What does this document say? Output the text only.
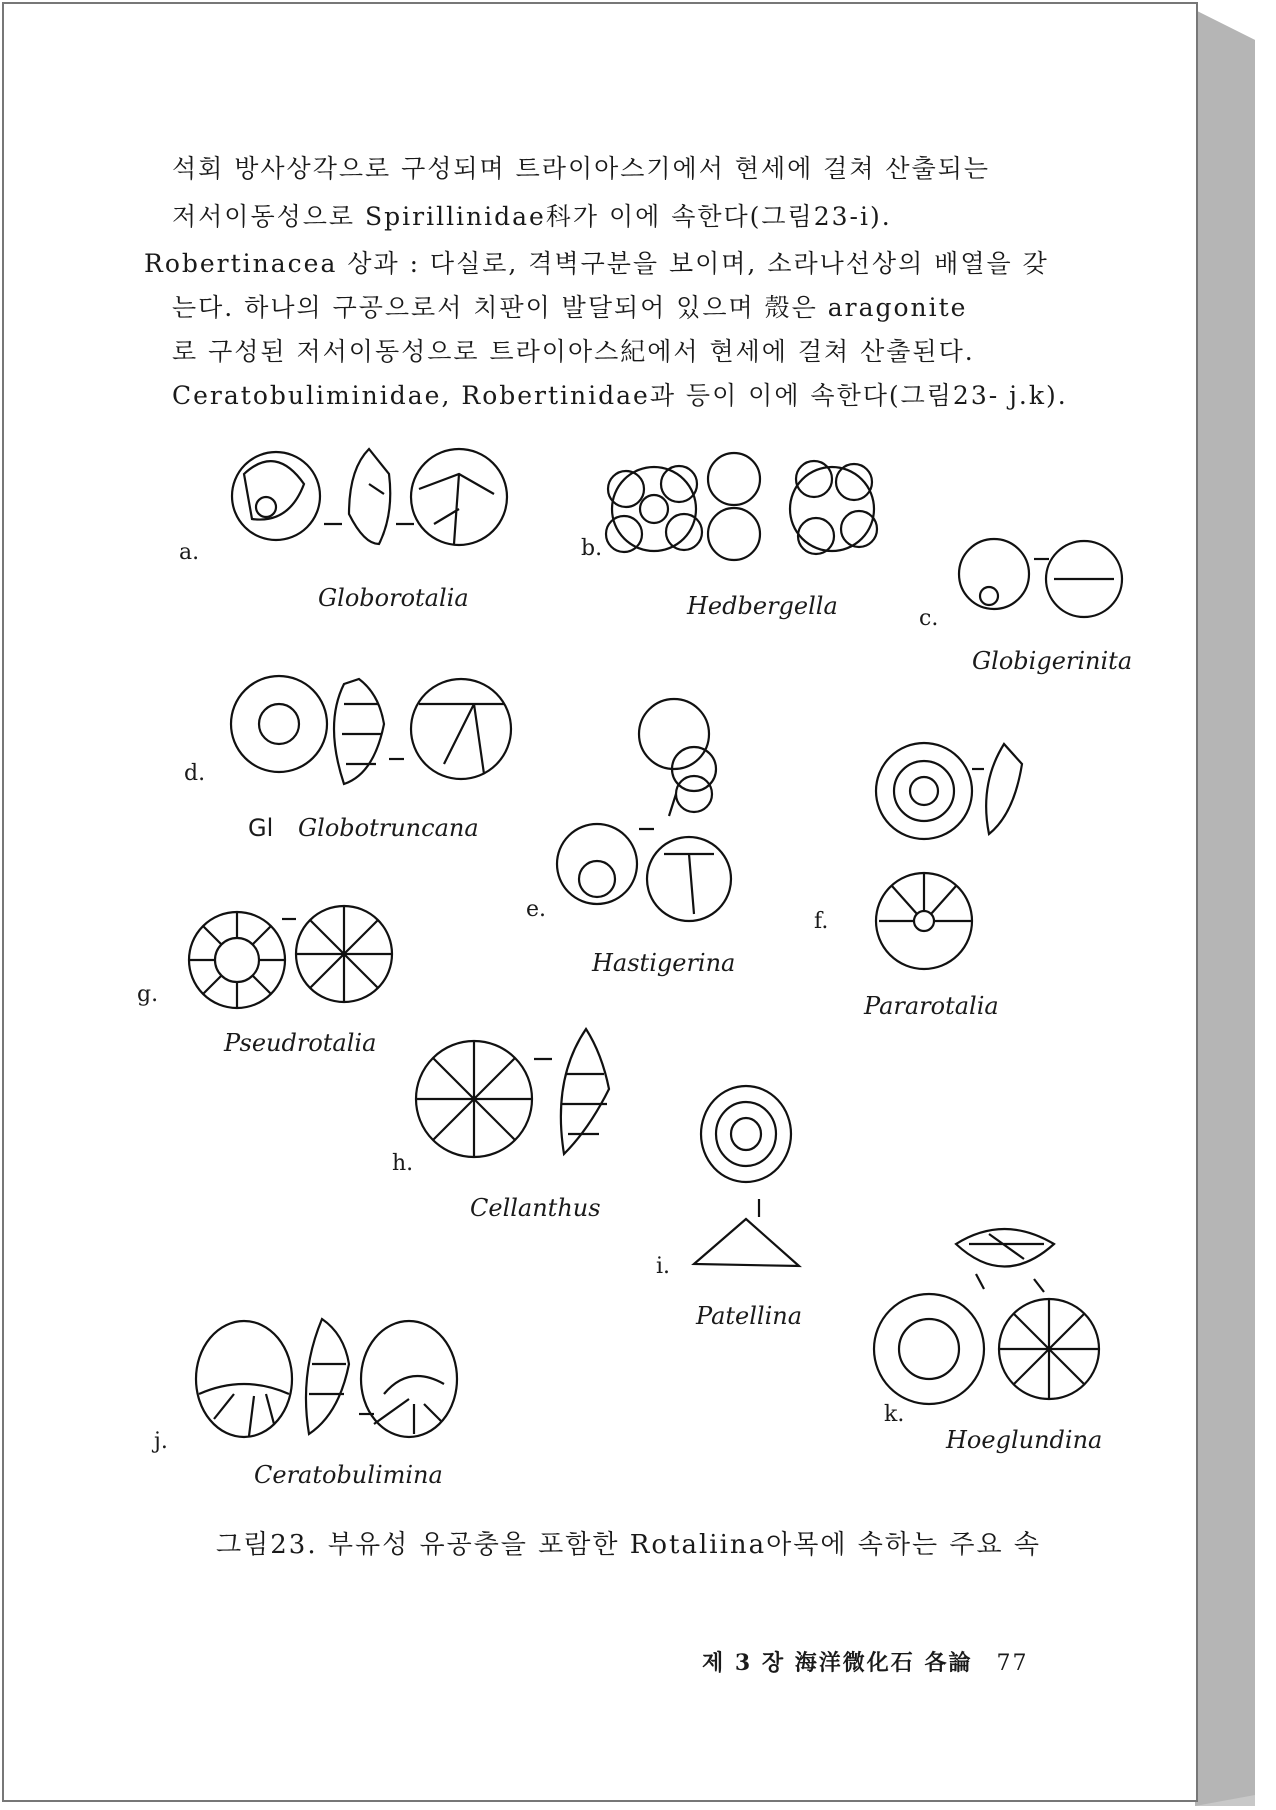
석회 방사상각으로 구성되며 트라이아스기에서 현세에 걸쳐 산출되는
저서이동성으로 Spirillinidae科가 이에 속한다(그림23-i).
Robertinacea 상과 : 다실로, 격벽구분을 보이며, 소라나선상의 배열을 갖
는다. 하나의 구공으로서 치판이 발달되어 있으며 殼은 aragonite
로 구성된 저서이동성으로 트라이아스紀에서 현세에 걸쳐 산출된다.
Ceratobuliminidae, Robertinidae과 등이 이에 속한다(그림23- j.k).
a.	b.
c.
d.
e.	f.
g.
h.
i.
j.
k.
Globorotalia	Hedbergella
Globigerinita
Gl Globotruncana
Hastigerina
Pararotalia
Pseudrotalia
Cellanthus
Patellina
Ceratobulimina
Hoeglundina
그림23. 부유성 유공충을 포함한 Rotaliina아목에 속하는 주요 속
제 3 장 海洋微化石 各論 77
